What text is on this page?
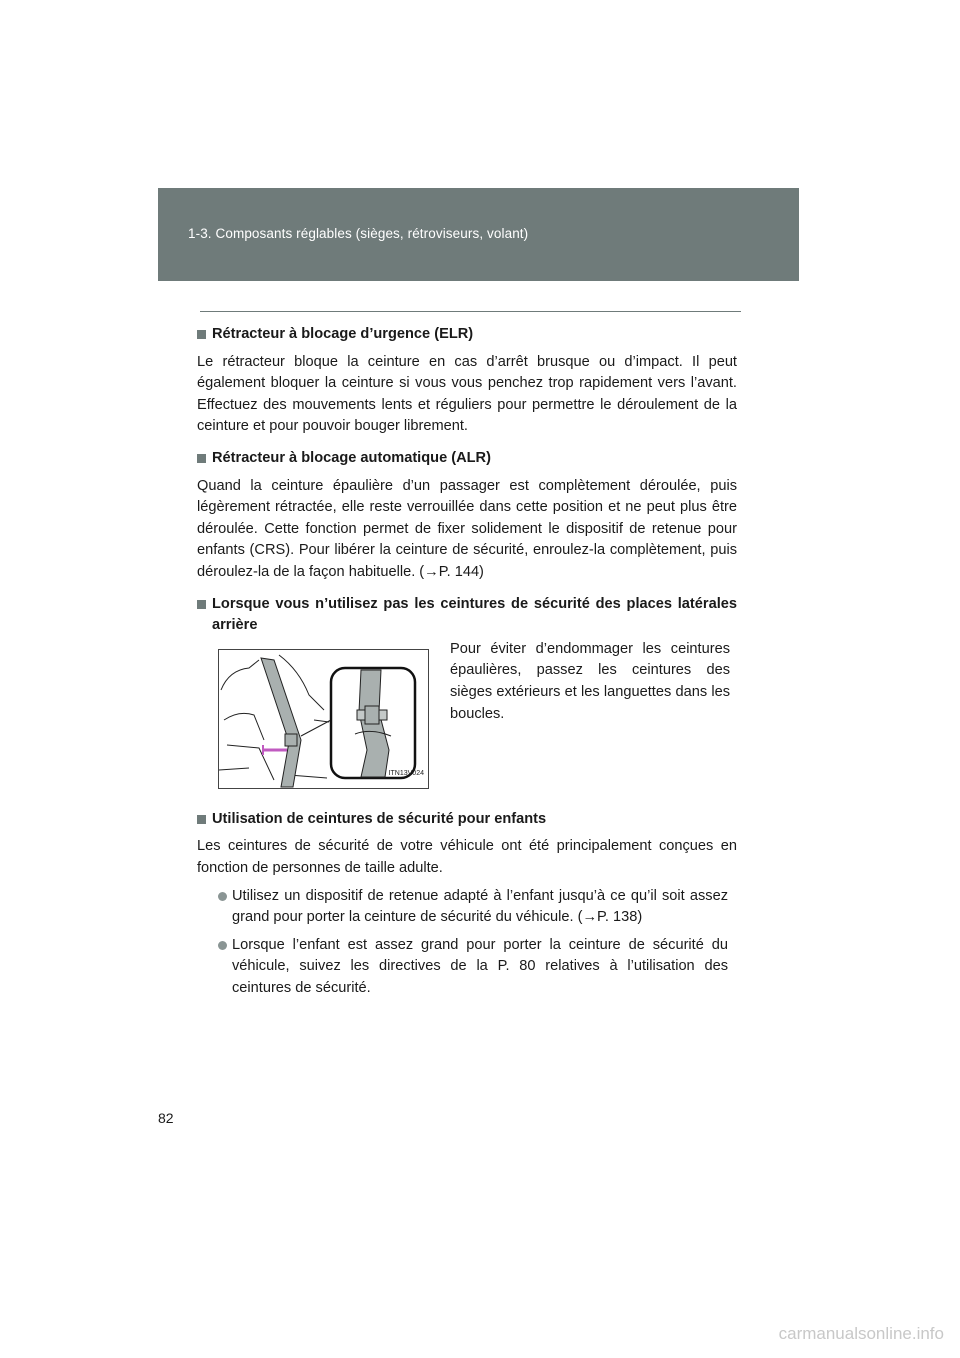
1-3. Composants réglables (sièges, rétroviseurs, volant)
Rétracteur à blocage d’urgence (ELR)

Le rétracteur bloque la ceinture en cas d’arrêt brusque ou d’impact. Il peut également bloquer la ceinture si vous vous penchez trop rapidement vers l’avant. Effectuez des mouvements lents et réguliers pour permettre le déroulement de la ceinture et pour pouvoir bouger librement.

Rétracteur à blocage automatique (ALR)

Quand la ceinture épaulière d’un passager est complètement déroulée, puis légèrement rétractée, elle reste verrouillée dans cette position et ne peut plus être déroulée. Cette fonction permet de fixer solidement le dispositif de retenue pour enfants (CRS). Pour libérer la ceinture de sécurité, enroulez-la complètement, puis déroulez-la de la façon habituelle. (→P. 144)

Lorsque vous n’utilisez pas les ceintures de sécurité des places latérales arrière
ITN13V024

Pour éviter d’endommager les ceintures épaulières, passez les ceintures des sièges extérieurs et les languettes dans les boucles.

Utilisation de ceintures de sécurité pour enfants

Les ceintures de sécurité de votre véhicule ont été principalement conçues en fonction de personnes de taille adulte.

Utilisez un dispositif de retenue adapté à l’enfant jusqu’à ce qu’il soit assez grand pour porter la ceinture de sécurité du véhicule. (→P. 138)
Lorsque l’enfant est assez grand pour porter la ceinture de sécurité du véhicule, suivez les directives de la P. 80 relatives à l’utilisation des ceintures de sécurité.
82
carmanualsonline.info
